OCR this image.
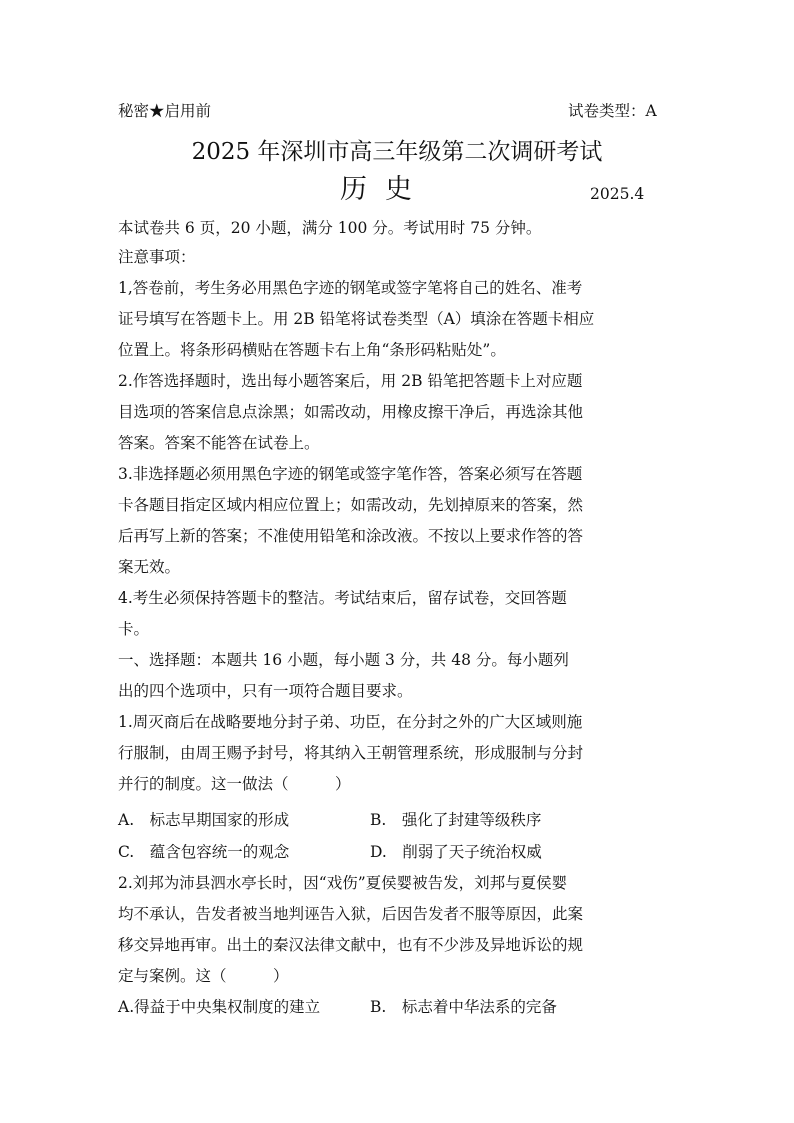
秘密★启用前	试卷类型：A
2025 年深圳市高三年级第二次调研考试
历史	2025.4
本试卷共 6 页，20 小题，满分 100 分。考试用时 75 分钟。
注意事项：
1,答卷前，考生务必用黑色字迹的钢笔或签字笔将自己的姓名、准考
证号填写在答题卡上。用 2B 铅笔将试卷类型（A）填涂在答题卡相应
位置上。将条形码横贴在答题卡右上角“条形码粘贴处”。
2.作答选择题时，选出每小题答案后，用 2B 铅笔把答题卡上对应题
目选项的答案信息点涂黑；如需改动，用橡皮擦干净后，再选涂其他
答案。答案不能答在试卷上。
3.非选择题必须用黑色字迹的钢笔或签字笔作答，答案必须写在答题
卡各题目指定区域内相应位置上；如需改动，先划掉原来的答案，然
后再写上新的答案；不准使用铅笔和涂改液。不按以上要求作答的答
案无效。
4.考生必须保持答题卡的整洁。考试结束后，留存试卷，交回答题
卡。
一、选择题：本题共 16 小题，每小题 3 分，共 48 分。每小题列
出的四个选项中，只有一项符合题目要求。
1.周灭商后在战略要地分封子弟、功臣，在分封之外的广大区域则施
行服制，由周王赐予封号，将其纳入王朝管理系统，形成服制与分封
并行的制度。这一做法（　　　）
A.　标志早期国家的形成	B.　强化了封建等级秩序
C.　蕴含包容统一的观念	D.　削弱了天子统治权威
2.刘邦为沛县泗水亭长时，因“戏伤”夏侯婴被告发，刘邦与夏侯婴
均不承认，告发者被当地判诬告入狱，后因告发者不服等原因，此案
移交异地再审。出土的秦汉法律文献中，也有不少涉及异地诉讼的规
定与案例。这（　　　）
A.得益于中央集权制度的建立	B.　标志着中华法系的完备
